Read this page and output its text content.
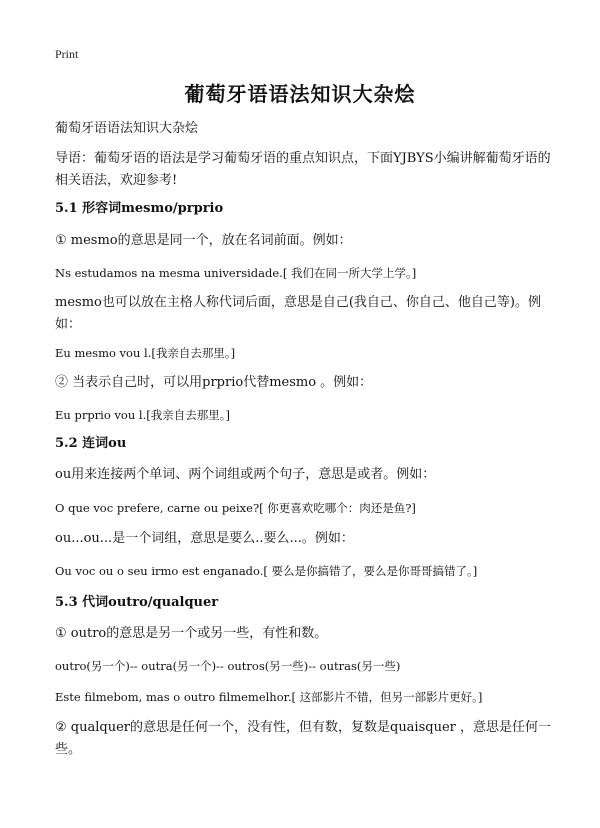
Print
葡萄牙语语法知识大杂烩

葡萄牙语语法知识大杂烩

导语：葡萄牙语的语法是学习葡萄牙语的重点知识点，下面YJBYS小编讲解葡萄牙语的相关语法，欢迎参考!

5.1 形容词mesmo/prprio

① mesmo的意思是同一个，放在名词前面。例如：

Ns estudamos na mesma universidade.[ 我们在同一所大学上学。]

mesmo也可以放在主格人称代词后面，意思是自己(我自己、你自己、他自己等)。例如：

Eu mesmo vou l.[我亲自去那里。]

② 当表示自己时，可以用prprio代替mesmo 。例如：

Eu prprio vou l.[我亲自去那里。]

5.2 连词ou

ou用来连接两个单词、两个词组或两个句子，意思是或者。例如：

O que voc prefere, carne ou peixe?[ 你更喜欢吃哪个：肉还是鱼?]

ou...ou...是一个词组，意思是要么..要么...。例如：

Ou voc ou o seu irmo est enganado.[ 要么是你搞错了，要么是你哥哥搞错了。]

5.3 代词outro/qualquer

① outro的意思是另一个或另一些，有性和数。

outro(另一个)-- outra(另一个)-- outros(另一些)-- outras(另一些)

Este filmebom, mas o outro filmemelhor.[ 这部影片不错，但另一部影片更好。]

② qualquer的意思是任何一个，没有性，但有数，复数是quaisquer ，意思是任何一些。
